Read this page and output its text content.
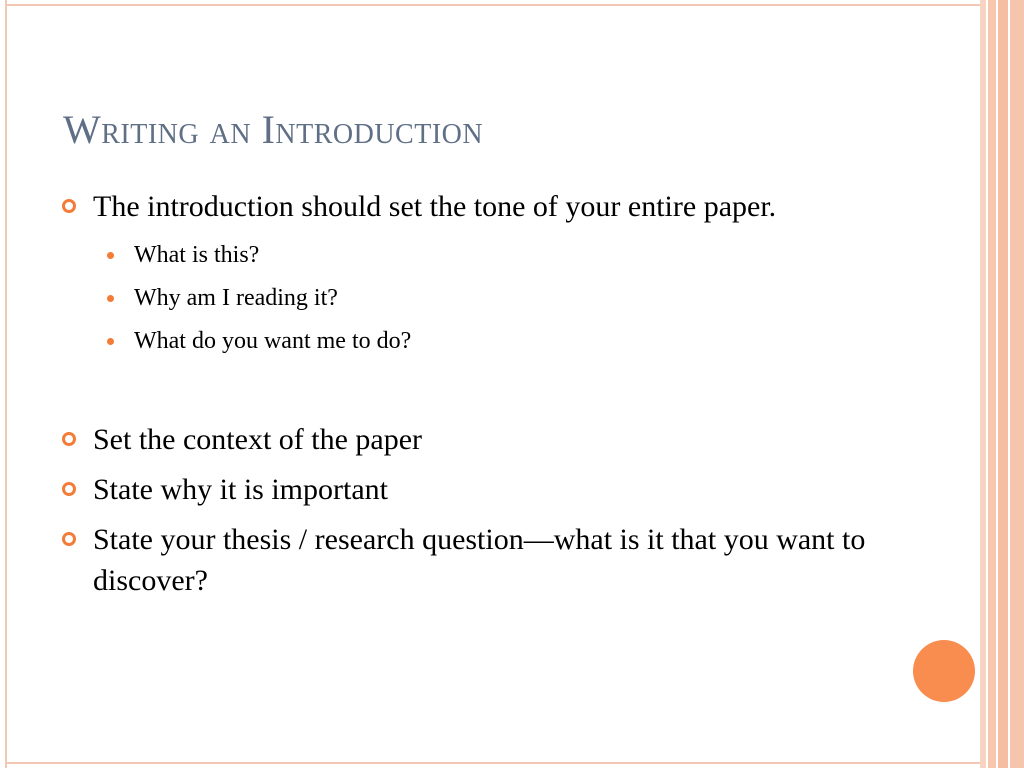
Writing an Introduction
The introduction should set the tone of your entire paper.
What is this?
Why am I reading it?
What do you want me to do?
Set the context of the paper
State why it is important
State your thesis / research question—what is it that you want to discover?
